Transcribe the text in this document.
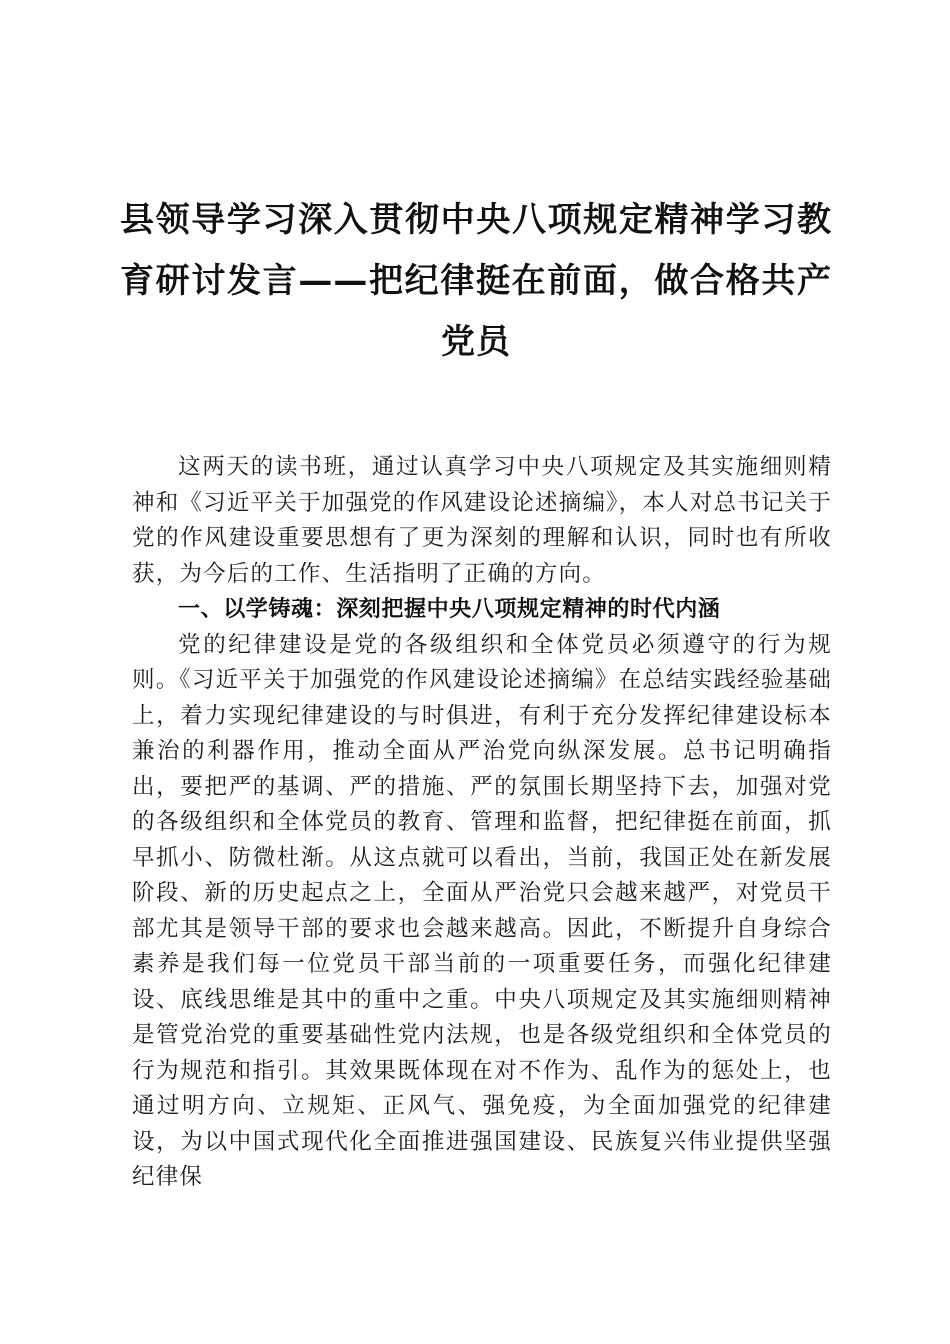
县领导学习深入贯彻中央八项规定精神学习教育研讨发言——把纪律挺在前面，做合格共产党员

这两天的读书班，通过认真学习中央八项规定及其实施细则精神和《习近平关于加强党的作风建设论述摘编》，本人对总书记关于党的作风建设重要思想有了更为深刻的理解和认识，同时也有所收获，为今后的工作、生活指明了正确的方向。

一、以学铸魂：深刻把握中央八项规定精神的时代内涵

党的纪律建设是党的各级组织和全体党员必须遵守的行为规则。《习近平关于加强党的作风建设论述摘编》在总结实践经验基础上，着力实现纪律建设的与时俱进，有利于充分发挥纪律建设标本兼治的利器作用，推动全面从严治党向纵深发展。总书记明确指出，要把严的基调、严的措施、严的氛围长期坚持下去，加强对党的各级组织和全体党员的教育、管理和监督，把纪律挺在前面，抓早抓小、防微杜渐。从这点就可以看出，当前，我国正处在新发展阶段、新的历史起点之上，全面从严治党只会越来越严，对党员干部尤其是领导干部的要求也会越来越高。因此，不断提升自身综合素养是我们每一位党员干部当前的一项重要任务，而强化纪律建设、底线思维是其中的重中之重。中央八项规定及其实施细则精神是管党治党的重要基础性党内法规，也是各级党组织和全体党员的行为规范和指引。其效果既体现在对不作为、乱作为的惩处上，也通过明方向、立规矩、正风气、强免疫，为全面加强党的纪律建设，为以中国式现代化全面推进强国建设、民族复兴伟业提供坚强纪律保
